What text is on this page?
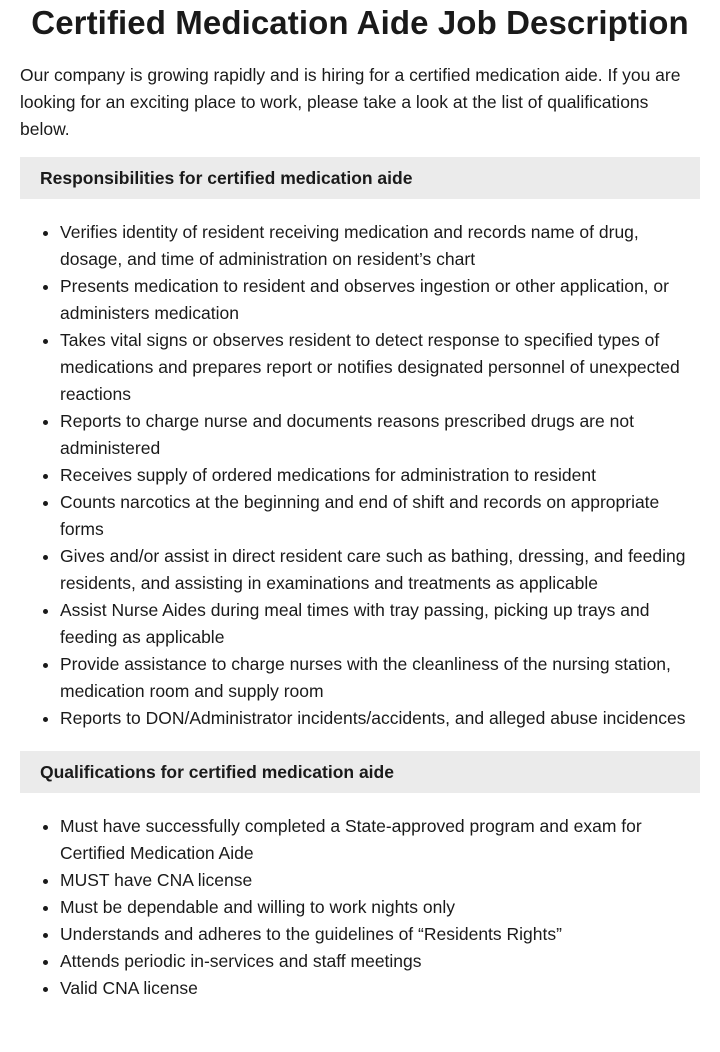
Certified Medication Aide Job Description

Our company is growing rapidly and is hiring for a certified medication aide. If you are looking for an exciting place to work, please take a look at the list of qualifications below.

Responsibilities for certified medication aide
• Verifies identity of resident receiving medication and records name of drug, dosage, and time of administration on resident’s chart
• Presents medication to resident and observes ingestion or other application, or administers medication
• Takes vital signs or observes resident to detect response to specified types of medications and prepares report or notifies designated personnel of unexpected reactions
• Reports to charge nurse and documents reasons prescribed drugs are not administered
• Receives supply of ordered medications for administration to resident
• Counts narcotics at the beginning and end of shift and records on appropriate forms
• Gives and/or assist in direct resident care such as bathing, dressing, and feeding residents, and assisting in examinations and treatments as applicable
• Assist Nurse Aides during meal times with tray passing, picking up trays and feeding as applicable
• Provide assistance to charge nurses with the cleanliness of the nursing station, medication room and supply room
• Reports to DON/Administrator incidents/accidents, and alleged abuse incidences
Qualifications for certified medication aide
• Must have successfully completed a State-approved program and exam for Certified Medication Aide
• MUST have CNA license
• Must be dependable and willing to work nights only
• Understands and adheres to the guidelines of “Residents Rights”
• Attends periodic in-services and staff meetings
• Valid CNA license
